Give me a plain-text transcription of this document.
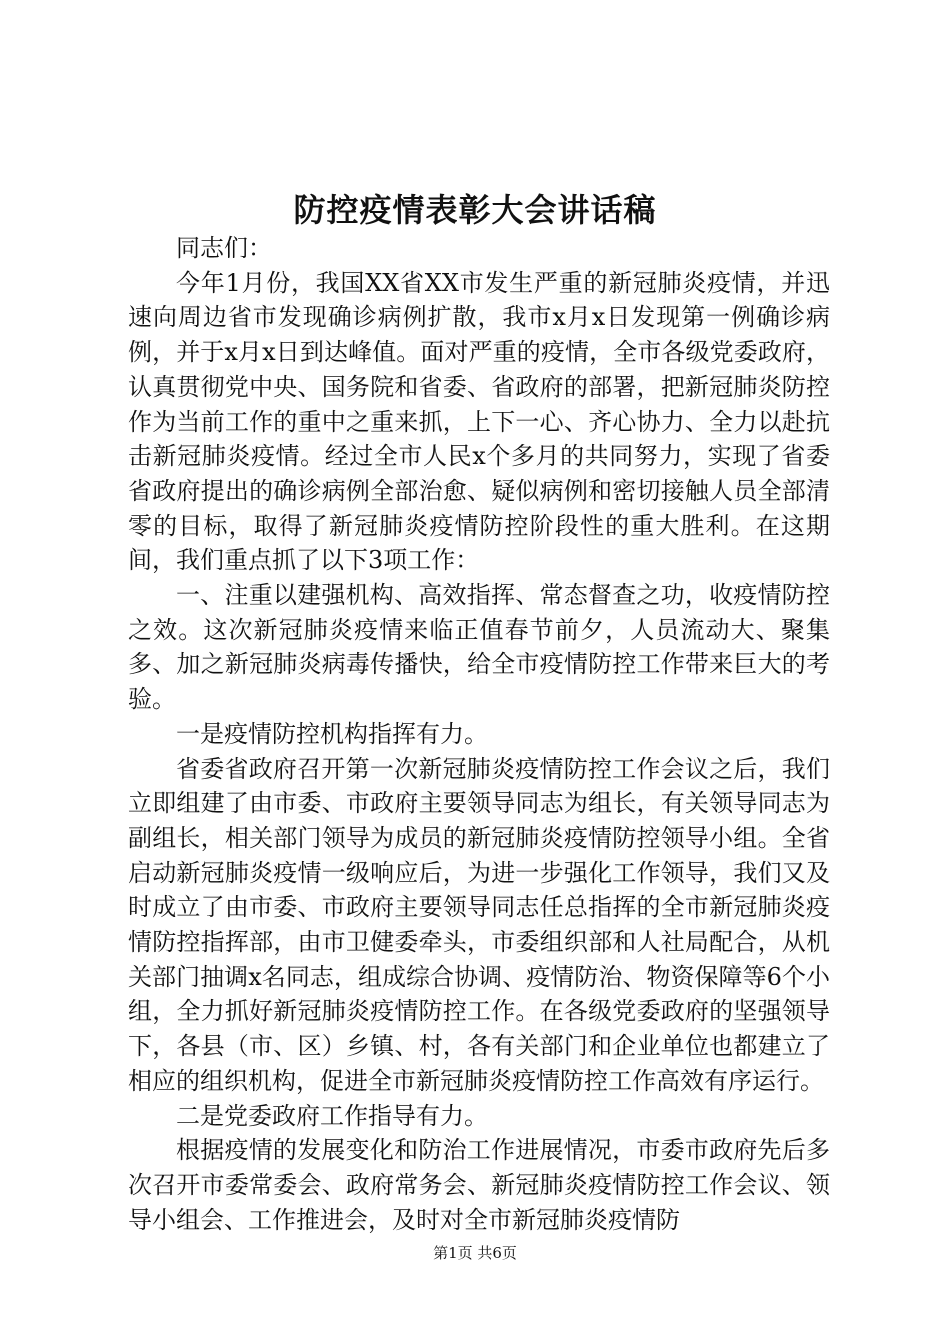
防控疫情表彰大会讲话稿

同志们：

今年1月份，我国XX省XX市发生严重的新冠肺炎疫情，并迅速向周边省市发现确诊病例扩散，我市x月x日发现第一例确诊病例，并于x月x日到达峰值。面对严重的疫情，全市各级党委政府，认真贯彻党中央、国务院和省委、省政府的部署，把新冠肺炎防控作为当前工作的重中之重来抓，上下一心、齐心协力、全力以赴抗击新冠肺炎疫情。经过全市人民x个多月的共同努力，实现了省委省政府提出的确诊病例全部治愈、疑似病例和密切接触人员全部清零的目标，取得了新冠肺炎疫情防控阶段性的重大胜利。在这期间，我们重点抓了以下3项工作：

一、注重以建强机构、高效指挥、常态督查之功，收疫情防控之效。这次新冠肺炎疫情来临正值春节前夕，人员流动大、聚集多、加之新冠肺炎病毒传播快，给全市疫情防控工作带来巨大的考验。

一是疫情防控机构指挥有力。

省委省政府召开第一次新冠肺炎疫情防控工作会议之后，我们立即组建了由市委、市政府主要领导同志为组长，有关领导同志为副组长，相关部门领导为成员的新冠肺炎疫情防控领导小组。全省启动新冠肺炎疫情一级响应后，为进一步强化工作领导，我们又及时成立了由市委、市政府主要领导同志任总指挥的全市新冠肺炎疫情防控指挥部，由市卫健委牵头，市委组织部和人社局配合，从机关部门抽调x名同志，组成综合协调、疫情防治、物资保障等6个小组，全力抓好新冠肺炎疫情防控工作。在各级党委政府的坚强领导下，各县（市、区）乡镇、村，各有关部门和企业单位也都建立了相应的组织机构，促进全市新冠肺炎疫情防控工作高效有序运行。

二是党委政府工作指导有力。

根据疫情的发展变化和防治工作进展情况，市委市政府先后多次召开市委常委会、政府常务会、新冠肺炎疫情防控工作会议、领导小组会、工作推进会，及时对全市新冠肺炎疫情防

第1页 共6页
